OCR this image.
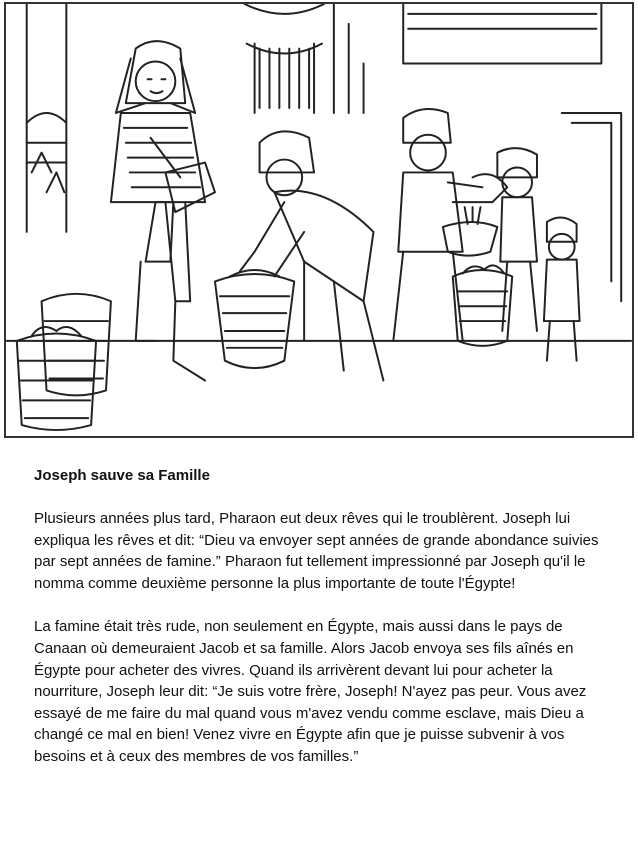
Joseph sauve sa Famille

Plusieurs années plus tard, Pharaon eut deux rêves qui le troublèrent. Joseph lui expliqua les rêves et dit: “Dieu va envoyer sept années de grande abondance suivies par sept années de famine.” Pharaon fut tellement impressionné par Joseph qu'il le nomma comme deuxième personne la plus importante de toute l'Égypte!

La famine était très rude, non seulement en Égypte, mais aussi dans le pays de Canaan où demeuraient Jacob et sa famille. Alors Jacob envoya ses fils aînés en Égypte pour acheter des vivres. Quand ils arrivèrent devant lui pour acheter la nourriture, Joseph leur dit: “Je suis votre frère, Joseph! N'ayez pas peur. Vous avez essayé de me faire du mal quand vous m'avez vendu comme esclave, mais Dieu a changé ce mal en bien! Venez vivre en Égypte afin que je puisse subvenir à vos besoins et à ceux des membres de vos familles.”
